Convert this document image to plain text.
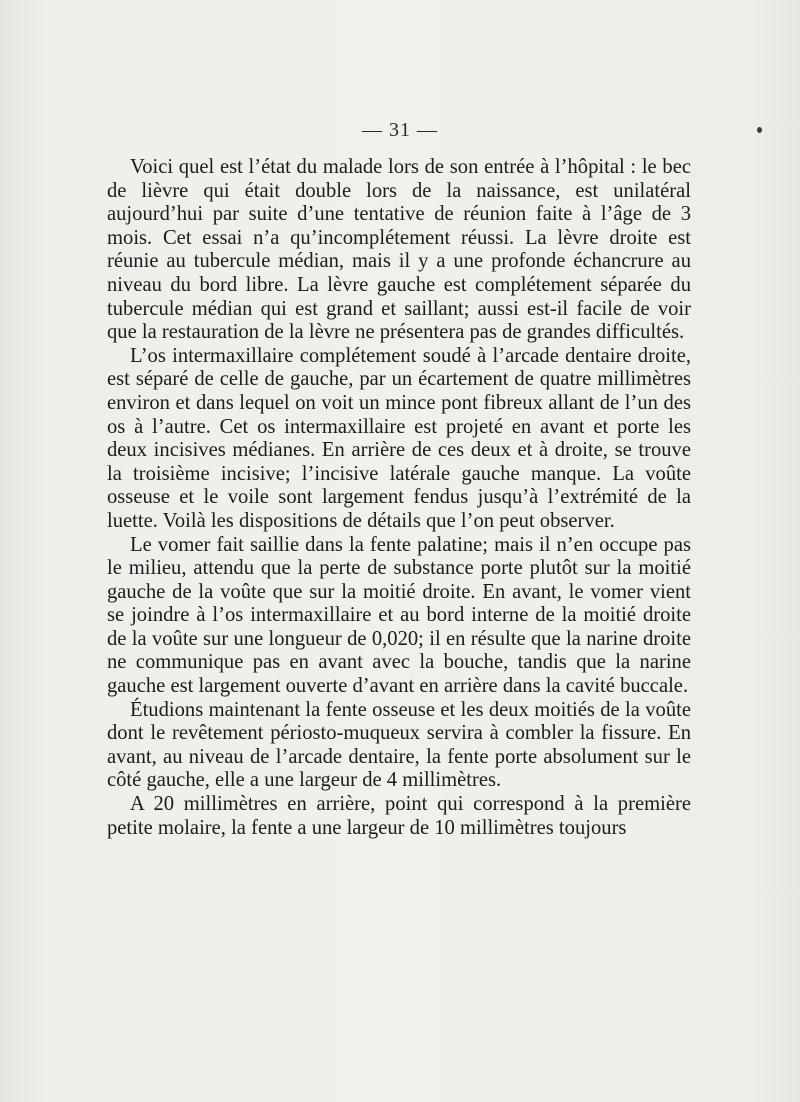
— 31 —

Voici quel est l’état du malade lors de son entrée à l’hôpital : le bec de lièvre qui était double lors de la naissance, est unilatéral aujourd’hui par suite d’une tentative de réunion faite à l’âge de 3 mois. Cet essai n’a qu’incomplétement réussi. La lèvre droite est réunie au tubercule médian, mais il y a une profonde échancrure au niveau du bord libre. La lèvre gauche est complétement séparée du tubercule médian qui est grand et saillant; aussi est-il facile de voir que la restauration de la lèvre ne présentera pas de grandes difficultés.

L’os intermaxillaire complétement soudé à l’arcade dentaire droite, est séparé de celle de gauche, par un écartement de quatre millimètres environ et dans lequel on voit un mince pont fibreux allant de l’un des os à l’autre. Cet os intermaxillaire est projeté en avant et porte les deux incisives médianes. En arrière de ces deux et à droite, se trouve la troisième incisive; l’incisive latérale gauche manque. La voûte osseuse et le voile sont largement fendus jusqu’à l’extrémité de la luette. Voilà les dispositions de détails que l’on peut observer.

Le vomer fait saillie dans la fente palatine; mais il n’en occupe pas le milieu, attendu que la perte de substance porte plutôt sur la moitié gauche de la voûte que sur la moitié droite. En avant, le vomer vient se joindre à l’os intermaxillaire et au bord interne de la moitié droite de la voûte sur une longueur de 0,020; il en résulte que la narine droite ne communique pas en avant avec la bouche, tandis que la narine gauche est largement ouverte d’avant en arrière dans la cavité buccale.

Étudions maintenant la fente osseuse et les deux moitiés de la voûte dont le revêtement périosto-muqueux servira à combler la fissure. En avant, au niveau de l’arcade dentaire, la fente porte absolument sur le côté gauche, elle a une largeur de 4 millimètres.

A 20 millimètres en arrière, point qui correspond à la première petite molaire, la fente a une largeur de 10 millimètres toujours
